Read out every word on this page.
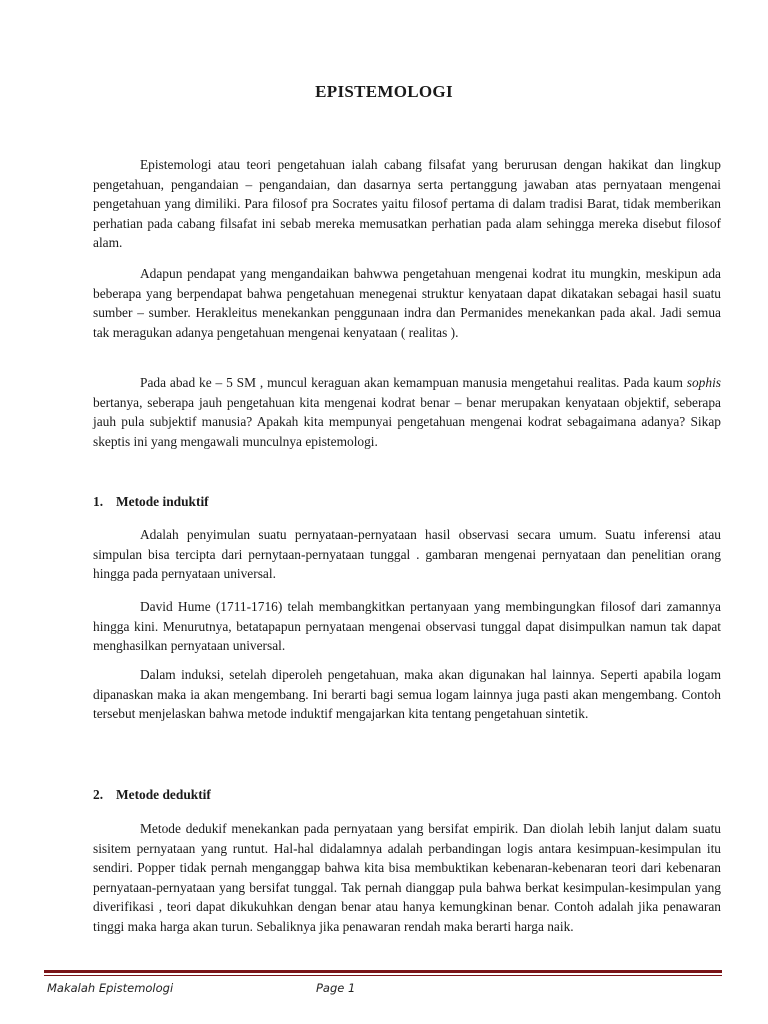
EPISTEMOLOGI

Epistemologi atau teori pengetahuan ialah cabang filsafat yang berurusan dengan hakikat dan lingkup pengetahuan, pengandaian – pengandaian, dan dasarnya serta pertanggung jawaban atas pernyataan mengenai pengetahuan yang dimiliki. Para filosof pra Socrates yaitu filosof pertama di dalam tradisi Barat, tidak memberikan perhatian pada cabang filsafat ini sebab mereka memusatkan perhatian pada alam sehingga mereka disebut filosof alam.

Adapun pendapat yang mengandaikan bahwwa pengetahuan mengenai kodrat itu mungkin, meskipun ada beberapa yang berpendapat bahwa pengetahuan menegenai struktur kenyataan dapat dikatakan sebagai hasil suatu sumber – sumber. Herakleitus menekankan penggunaan indra dan Permanides menekankan pada akal. Jadi semua tak meragukan adanya pengetahuan mengenai kenyataan ( realitas ).

Pada abad ke – 5 SM , muncul keraguan akan kemampuan manusia mengetahui realitas. Pada kaum sophis bertanya, seberapa jauh pengetahuan kita mengenai kodrat benar – benar merupakan kenyataan objektif, seberapa jauh pula subjektif manusia? Apakah kita mempunyai pengetahuan mengenai kodrat sebagaimana adanya? Sikap skeptis ini yang mengawali munculnya epistemologi.

1. Metode induktif

Adalah penyimulan suatu pernyataan-pernyataan hasil observasi secara umum. Suatu inferensi atau simpulan bisa tercipta dari pernytaan-pernyataan tunggal . gambaran mengenai pernyataan dan penelitian orang hingga pada pernyataan universal.

David Hume (1711-1716) telah membangkitkan pertanyaan yang membingungkan filosof dari zamannya hingga kini. Menurutnya, betatapapun pernyataan mengenai observasi tunggal dapat disimpulkan namun tak dapat menghasilkan pernyataan universal.

Dalam induksi, setelah diperoleh pengetahuan, maka akan digunakan hal lainnya. Seperti apabila logam dipanaskan maka ia akan mengembang. Ini berarti bagi semua logam lainnya juga pasti akan mengembang. Contoh tersebut menjelaskan bahwa metode induktif mengajarkan kita tentang pengetahuan sintetik.

2. Metode deduktif

Metode dedukif menekankan pada pernyataan yang bersifat empirik. Dan diolah lebih lanjut dalam suatu sisitem pernyataan yang runtut. Hal-hal didalamnya adalah perbandingan logis antara kesimpuan-kesimpulan itu sendiri. Popper tidak pernah menganggap bahwa kita bisa membuktikan kebenaran-kebenaran teori dari kebenaran pernyataan-pernyataan yang bersifat tunggal. Tak pernah dianggap pula bahwa berkat kesimpulan-kesimpulan yang diverifikasi , teori dapat dikukuhkan dengan benar atau hanya kemungkinan benar. Contoh adalah jika penawaran tinggi maka harga akan turun. Sebaliknya jika penawaran rendah maka berarti harga naik.

Makalah Epistemologi	Page 1
